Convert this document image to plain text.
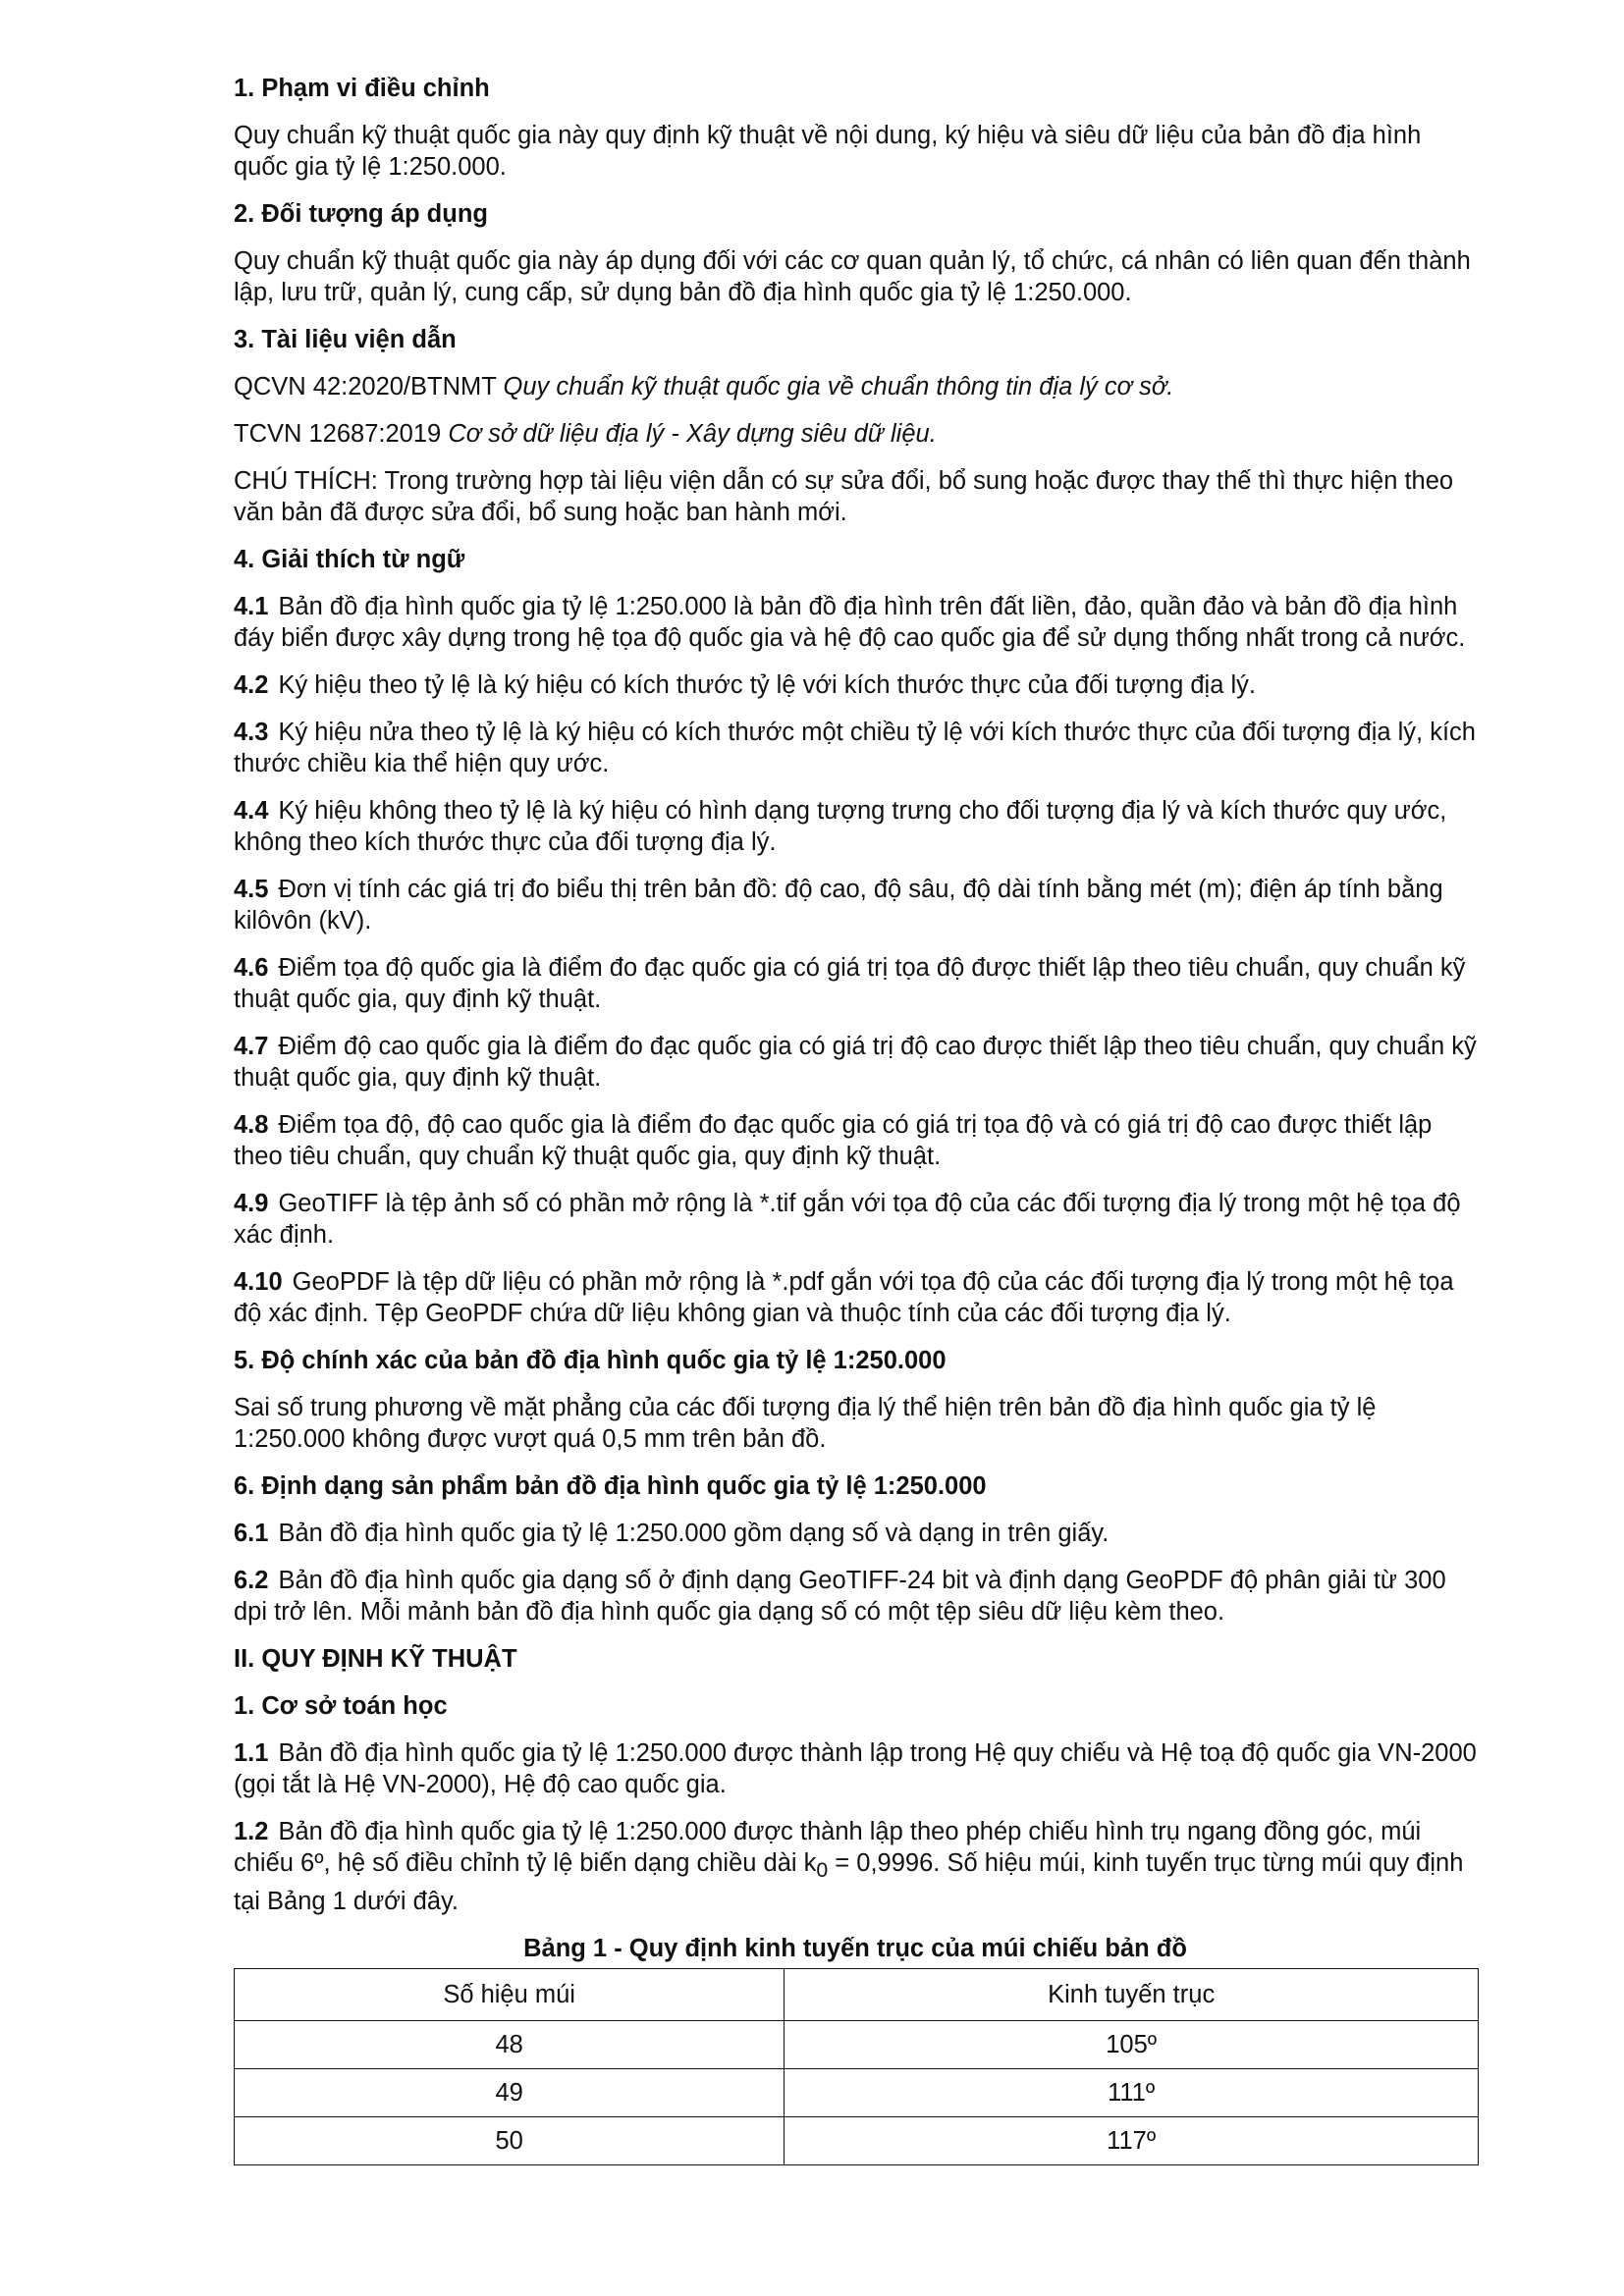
1. Phạm vi điều chỉnh

Quy chuẩn kỹ thuật quốc gia này quy định kỹ thuật về nội dung, ký hiệu và siêu dữ liệu của bản đồ địa hình quốc gia tỷ lệ 1:250.000.

2. Đối tượng áp dụng

Quy chuẩn kỹ thuật quốc gia này áp dụng đối với các cơ quan quản lý, tổ chức, cá nhân có liên quan đến thành lập, lưu trữ, quản lý, cung cấp, sử dụng bản đồ địa hình quốc gia tỷ lệ 1:250.000.

3. Tài liệu viện dẫn

QCVN 42:2020/BTNMT Quy chuẩn kỹ thuật quốc gia về chuẩn thông tin địa lý cơ sở.

TCVN 12687:2019 Cơ sở dữ liệu địa lý - Xây dựng siêu dữ liệu.

CHÚ THÍCH: Trong trường hợp tài liệu viện dẫn có sự sửa đổi, bổ sung hoặc được thay thế thì thực hiện theo văn bản đã được sửa đổi, bổ sung hoặc ban hành mới.

4. Giải thích từ ngữ

4.1 Bản đồ địa hình quốc gia tỷ lệ 1:250.000 là bản đồ địa hình trên đất liền, đảo, quần đảo và bản đồ địa hình đáy biển được xây dựng trong hệ tọa độ quốc gia và hệ độ cao quốc gia để sử dụng thống nhất trong cả nước.

4.2 Ký hiệu theo tỷ lệ là ký hiệu có kích thước tỷ lệ với kích thước thực của đối tượng địa lý.

4.3 Ký hiệu nửa theo tỷ lệ là ký hiệu có kích thước một chiều tỷ lệ với kích thước thực của đối tượng địa lý, kích thước chiều kia thể hiện quy ước.

4.4 Ký hiệu không theo tỷ lệ là ký hiệu có hình dạng tượng trưng cho đối tượng địa lý và kích thước quy ước, không theo kích thước thực của đối tượng địa lý.

4.5 Đơn vị tính các giá trị đo biểu thị trên bản đồ: độ cao, độ sâu, độ dài tính bằng mét (m); điện áp tính bằng kilôvôn (kV).

4.6 Điểm tọa độ quốc gia là điểm đo đạc quốc gia có giá trị tọa độ được thiết lập theo tiêu chuẩn, quy chuẩn kỹ thuật quốc gia, quy định kỹ thuật.

4.7 Điểm độ cao quốc gia là điểm đo đạc quốc gia có giá trị độ cao được thiết lập theo tiêu chuẩn, quy chuẩn kỹ thuật quốc gia, quy định kỹ thuật.

4.8 Điểm tọa độ, độ cao quốc gia là điểm đo đạc quốc gia có giá trị tọa độ và có giá trị độ cao được thiết lập theo tiêu chuẩn, quy chuẩn kỹ thuật quốc gia, quy định kỹ thuật.

4.9 GeoTIFF là tệp ảnh số có phần mở rộng là *.tif gắn với tọa độ của các đối tượng địa lý trong một hệ tọa độ xác định.

4.10 GeoPDF là tệp dữ liệu có phần mở rộng là *.pdf gắn với tọa độ của các đối tượng địa lý trong một hệ tọa độ xác định. Tệp GeoPDF chứa dữ liệu không gian và thuộc tính của các đối tượng địa lý.

5. Độ chính xác của bản đồ địa hình quốc gia tỷ lệ 1:250.000

Sai số trung phương về mặt phẳng của các đối tượng địa lý thể hiện trên bản đồ địa hình quốc gia tỷ lệ 1:250.000 không được vượt quá 0,5 mm trên bản đồ.

6. Định dạng sản phẩm bản đồ địa hình quốc gia tỷ lệ 1:250.000

6.1 Bản đồ địa hình quốc gia tỷ lệ 1:250.000 gồm dạng số và dạng in trên giấy.

6.2 Bản đồ địa hình quốc gia dạng số ở định dạng GeoTIFF-24 bit và định dạng GeoPDF độ phân giải từ 300 dpi trở lên. Mỗi mảnh bản đồ địa hình quốc gia dạng số có một tệp siêu dữ liệu kèm theo.

II. QUY ĐỊNH KỸ THUẬT

1. Cơ sở toán học

1.1 Bản đồ địa hình quốc gia tỷ lệ 1:250.000 được thành lập trong Hệ quy chiếu và Hệ toạ độ quốc gia VN-2000 (gọi tắt là Hệ VN-2000), Hệ độ cao quốc gia.

1.2 Bản đồ địa hình quốc gia tỷ lệ 1:250.000 được thành lập theo phép chiếu hình trụ ngang đồng góc, múi chiếu 6º, hệ số điều chỉnh tỷ lệ biến dạng chiều dài $k_0 = 0,9996$. Số hiệu múi, kinh tuyến trục từng múi quy định tại Bảng 1 dưới đây.

Bảng 1 - Quy định kinh tuyến trục của múi chiếu bản đồ

Số hiệu múi	Kinh tuyến trục
48	105º
49	111º
50	117º
